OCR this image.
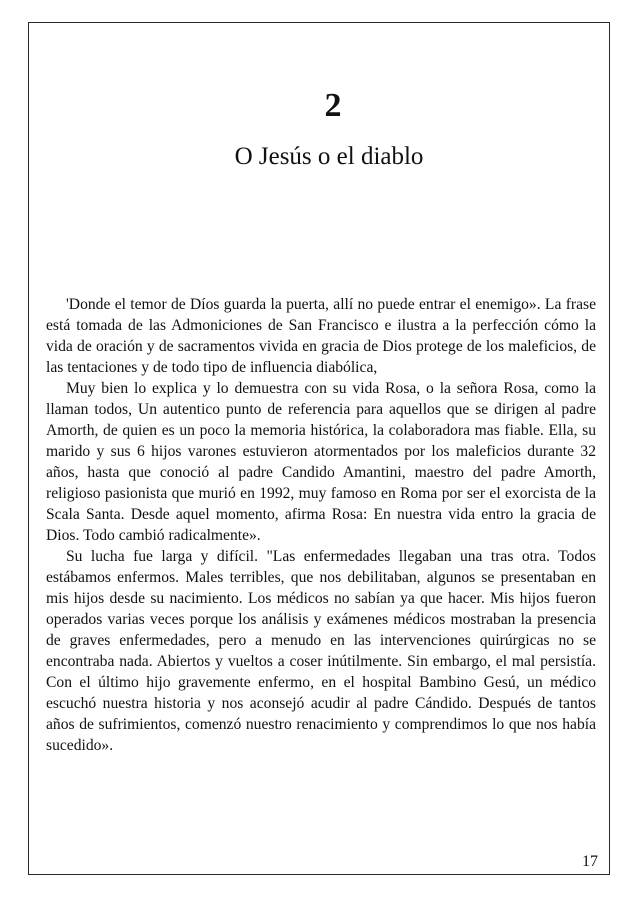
2
O Jesús o el diablo

'Donde el temor de Díos guarda la puerta, allí no puede entrar el enemigo». La frase está tomada de las Admoniciones de San Francisco e ilustra a la perfección cómo la vida de oración y de sacramentos vivida en gracia de Dios protege de los maleficios, de las tentaciones y de todo tipo de influencia diabólica,

Muy bien lo explica y lo demuestra con su vida Rosa, o la señora Rosa, como la llaman todos, Un autentico punto de referencia para aquellos que se dirigen al padre Amorth, de quien es un poco la memoria histórica, la colaboradora mas fiable. Ella, su marido y sus 6 hijos varones estuvieron atormentados por los maleficios durante 32 años, hasta que conoció al padre Candido Amantini, maestro del padre Amorth, religioso pasionista que murió en 1992, muy famoso en Roma por ser el exorcista de la Scala Santa. Desde aquel momento, afirma Rosa: En nuestra vida entro la gracia de Dios. Todo cambió radicalmente».

Su lucha fue larga y difícil. "Las enfermedades llegaban una tras otra. Todos estábamos enfermos. Males terribles, que nos debilitaban, algunos se presentaban en mis hijos desde su nacimiento. Los médicos no sabían ya que hacer. Mis hijos fueron operados varias veces porque los análisis y exámenes médicos mostraban la presencia de graves enfermedades, pero a menudo en las intervenciones quirúrgicas no se encontraba nada. Abiertos y vueltos a coser inútilmente. Sin embargo, el mal persistía. Con el último hijo gravemente enfermo, en el hospital Bambino Gesú, un médico escuchó nuestra historia y nos aconsejó acudir al padre Cándido. Después de tantos años de sufrimientos, comenzó nuestro renacimiento y comprendimos lo que nos había sucedido».

17
